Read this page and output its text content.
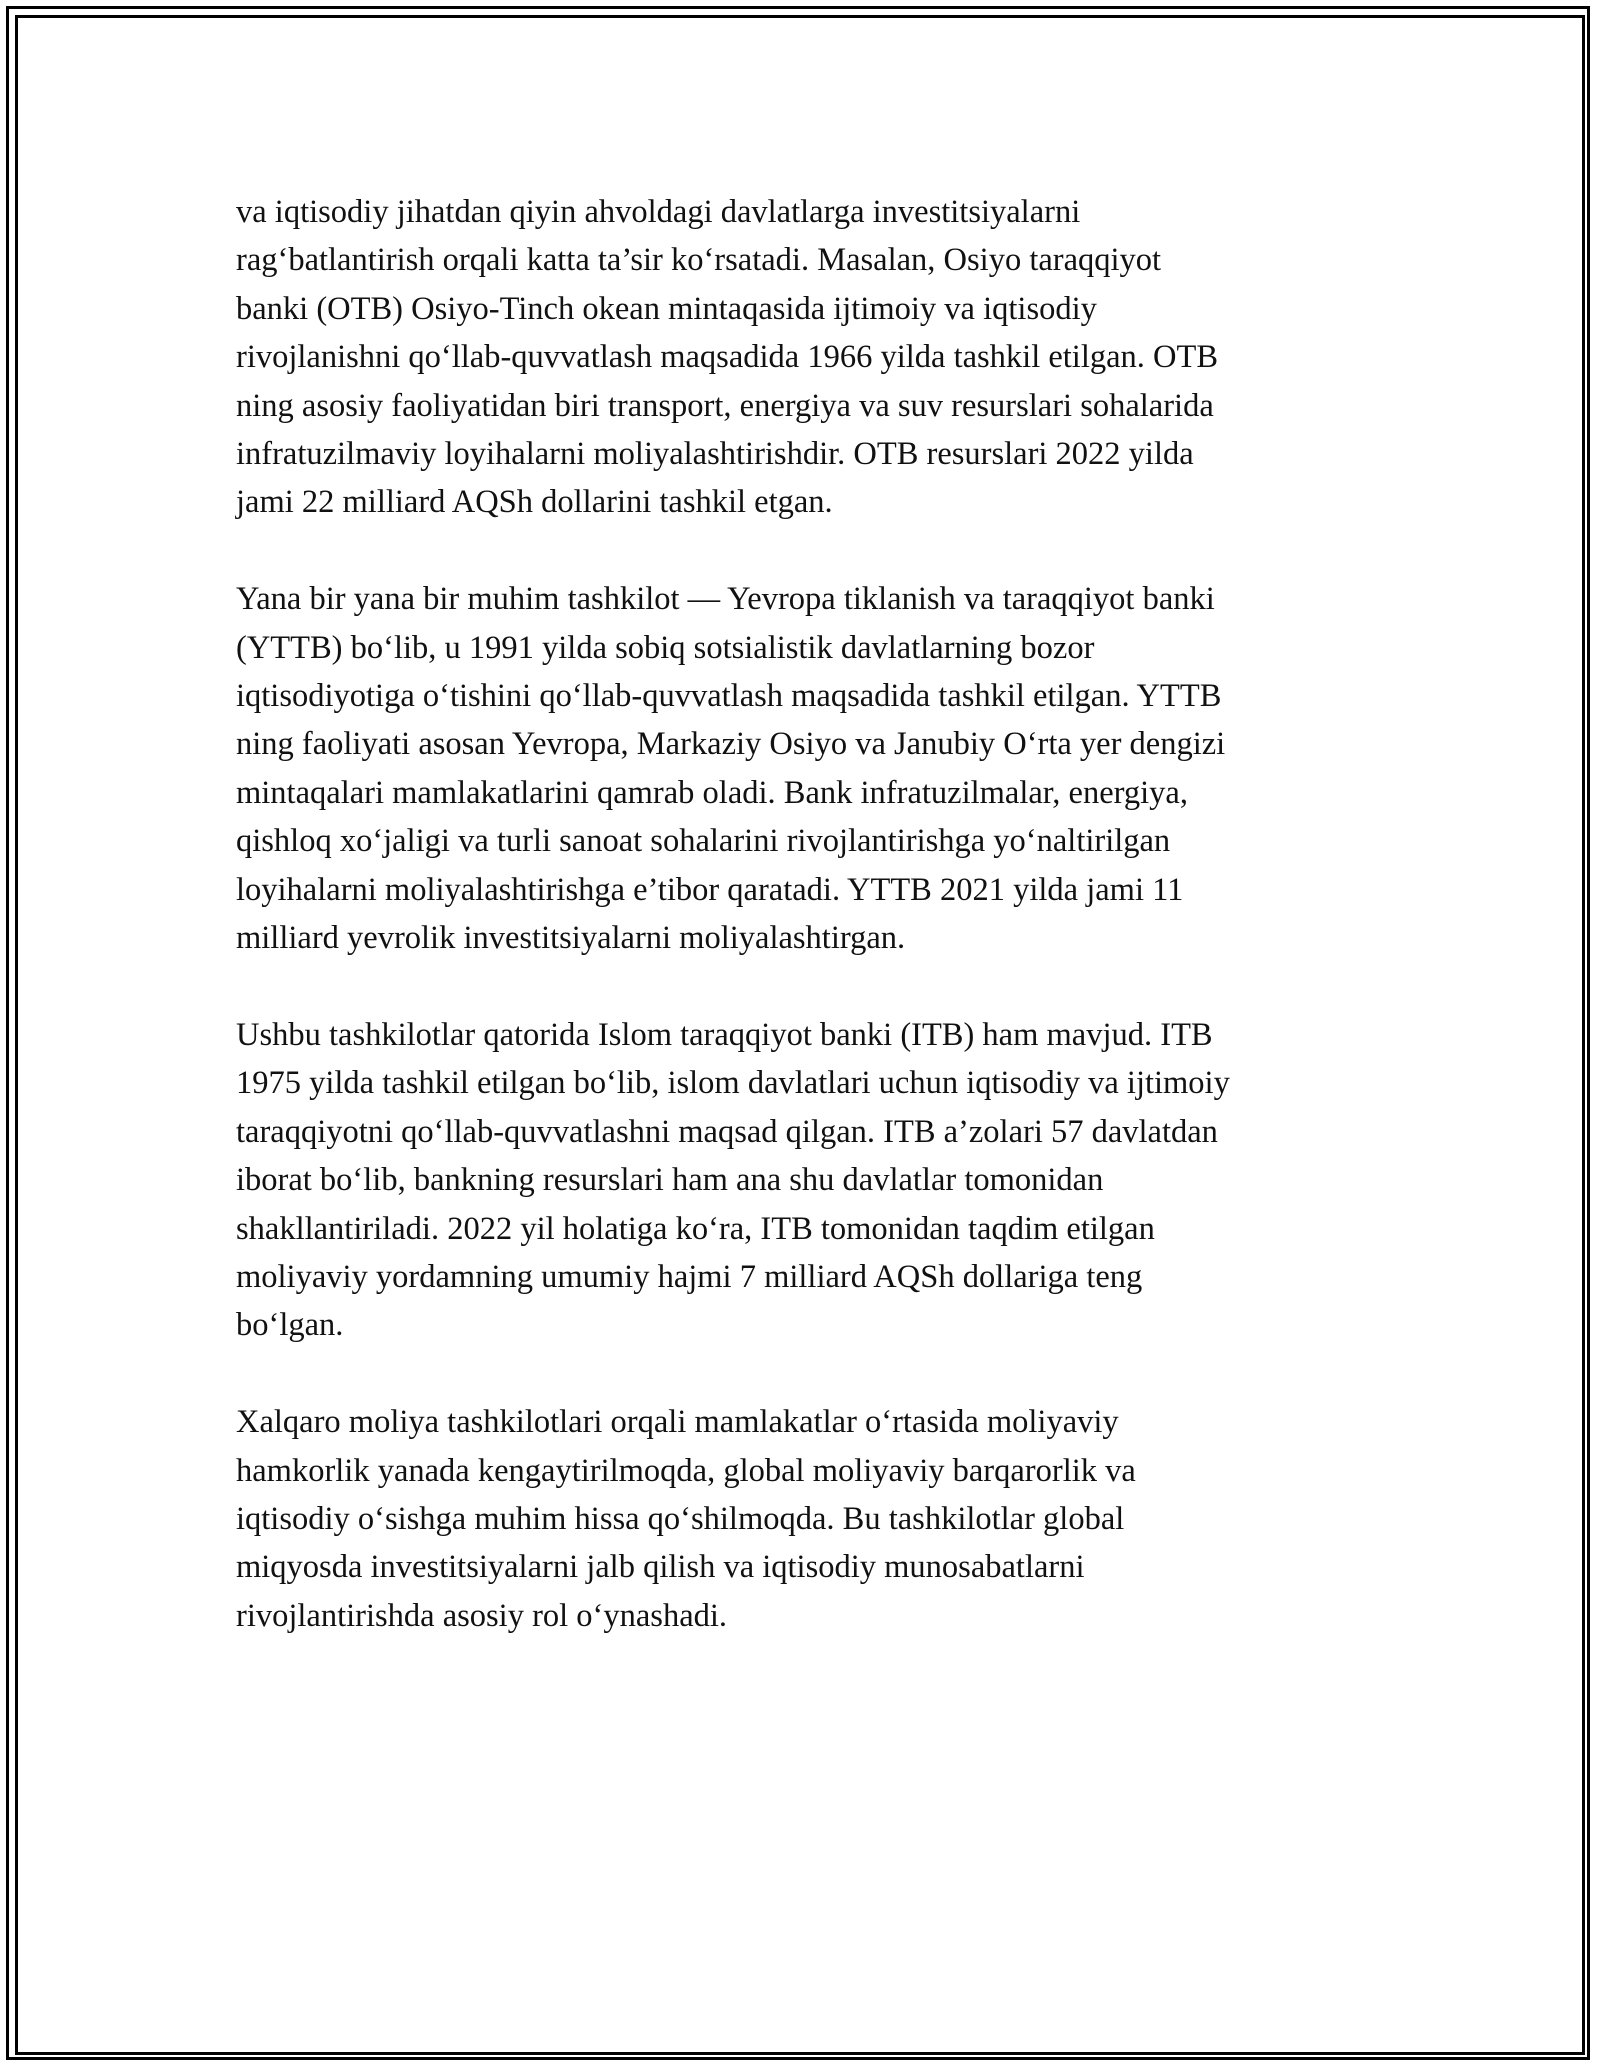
va iqtisodiy jihatdan qiyin ahvoldagi davlatlarga investitsiyalarni
rag‘batlantirish orqali katta ta’sir ko‘rsatadi. Masalan, Osiyo taraqqiyot
banki (OTB) Osiyo-Tinch okean mintaqasida ijtimoiy va iqtisodiy
rivojlanishni qo‘llab-quvvatlash maqsadida 1966 yilda tashkil etilgan. OTB
ning asosiy faoliyatidan biri transport, energiya va suv resurslari sohalarida
infratuzilmaviy loyihalarni moliyalashtirishdir. OTB resurslari 2022 yilda
jami 22 milliard AQSh dollarini tashkil etgan.

Yana bir yana bir muhim tashkilot — Yevropa tiklanish va taraqqiyot banki
(YTTB) bo‘lib, u 1991 yilda sobiq sotsialistik davlatlarning bozor
iqtisodiyotiga o‘tishini qo‘llab-quvvatlash maqsadida tashkil etilgan. YTTB
ning faoliyati asosan Yevropa, Markaziy Osiyo va Janubiy O‘rta yer dengizi
mintaqalari mamlakatlarini qamrab oladi. Bank infratuzilmalar, energiya,
qishloq xo‘jaligi va turli sanoat sohalarini rivojlantirishga yo‘naltirilgan
loyihalarni moliyalashtirishga e’tibor qaratadi. YTTB 2021 yilda jami 11
milliard yevrolik investitsiyalarni moliyalashtirgan.

Ushbu tashkilotlar qatorida Islom taraqqiyot banki (ITB) ham mavjud. ITB
1975 yilda tashkil etilgan bo‘lib, islom davlatlari uchun iqtisodiy va ijtimoiy
taraqqiyotni qo‘llab-quvvatlashni maqsad qilgan. ITB a’zolari 57 davlatdan
iborat bo‘lib, bankning resurslari ham ana shu davlatlar tomonidan
shakllantiriladi. 2022 yil holatiga ko‘ra, ITB tomonidan taqdim etilgan
moliyaviy yordamning umumiy hajmi 7 milliard AQSh dollariga teng
bo‘lgan.

Xalqaro moliya tashkilotlari orqali mamlakatlar o‘rtasida moliyaviy
hamkorlik yanada kengaytirilmoqda, global moliyaviy barqarorlik va
iqtisodiy o‘sishga muhim hissa qo‘shilmoqda. Bu tashkilotlar global
miqyosda investitsiyalarni jalb qilish va iqtisodiy munosabatlarni
rivojlantirishda asosiy rol o‘ynashadi.
